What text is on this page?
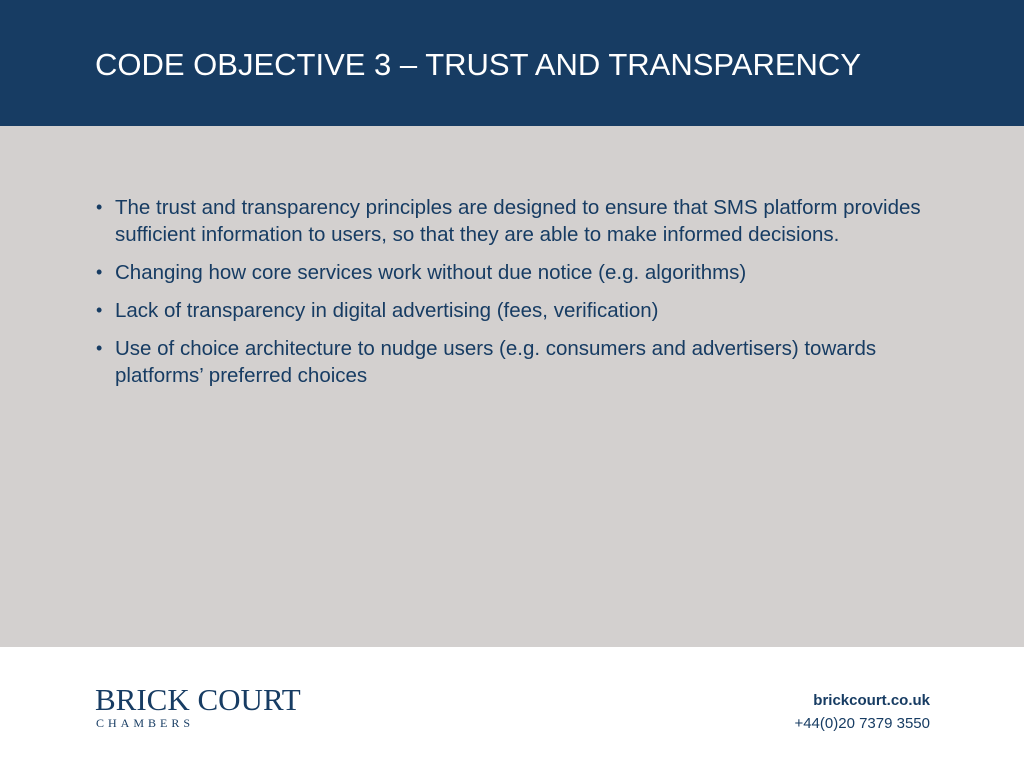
CODE OBJECTIVE 3 – TRUST AND TRANSPARENCY
• The trust and transparency principles are designed to ensure that SMS platform provides sufficient information to users, so that they are able to make informed decisions.
• Changing how core services work without due notice (e.g. algorithms)
• Lack of transparency in digital advertising (fees, verification)
• Use of choice architecture to nudge users (e.g. consumers and advertisers) towards platforms’ preferred choices
BRICK COURT
CHAMBERS
brickcourt.co.uk
+44(0)20 7379 3550
